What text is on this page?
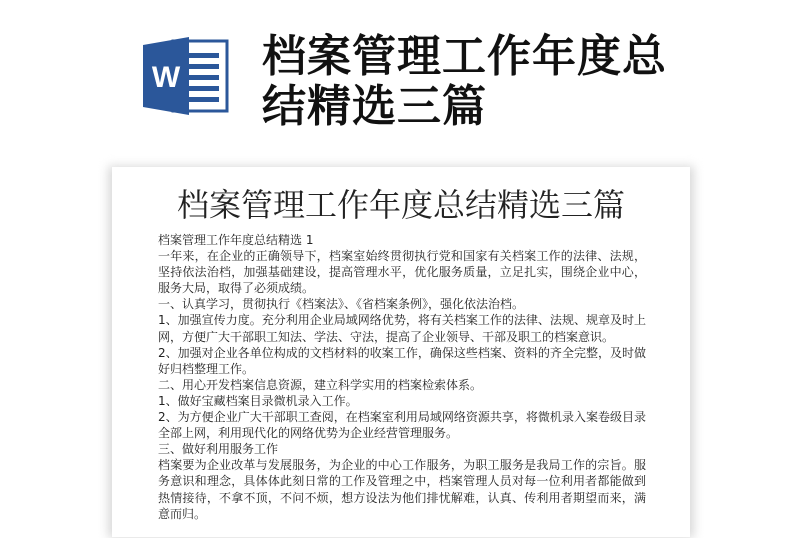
W 档案管理工作年度总结精选三篇
档案管理工作年度总结精选三篇

档案管理工作年度总结精选 1

一年来，在企业的正确领导下，档案室始终贯彻执行党和国家有关档案工作的法律、法规，坚持依法治档，加强基础建设，提高管理水平，优化服务质量，立足扎实，围绕企业中心，服务大局，取得了必须成绩。

一、认真学习，贯彻执行《档案法》、《省档案条例》，强化依法治档。

1、加强宣传力度。充分利用企业局域网络优势，将有关档案工作的法律、法规、规章及时上网，方便广大干部职工知法、学法、守法，提高了企业领导、干部及职工的档案意识。

2、加强对企业各单位构成的文档材料的收案工作，确保这些档案、资料的齐全完整，及时做好归档整理工作。

二、用心开发档案信息资源，建立科学实用的档案检索体系。

1、做好宝藏档案目录微机录入工作。

2、为方便企业广大干部职工查阅，在档案室利用局域网络资源共享，将微机录入案卷级目录全部上网，利用现代化的网络优势为企业经营管理服务。

三、做好利用服务工作

档案要为企业改革与发展服务，为企业的中心工作服务，为职工服务是我局工作的宗旨。服务意识和理念，具体体此刻日常的工作及管理之中，档案管理人员对每一位利用者都能做到热情接待，不拿不顶，不问不烦，想方设法为他们排忧解难，认真、传利用者期望而来，满意而归。
